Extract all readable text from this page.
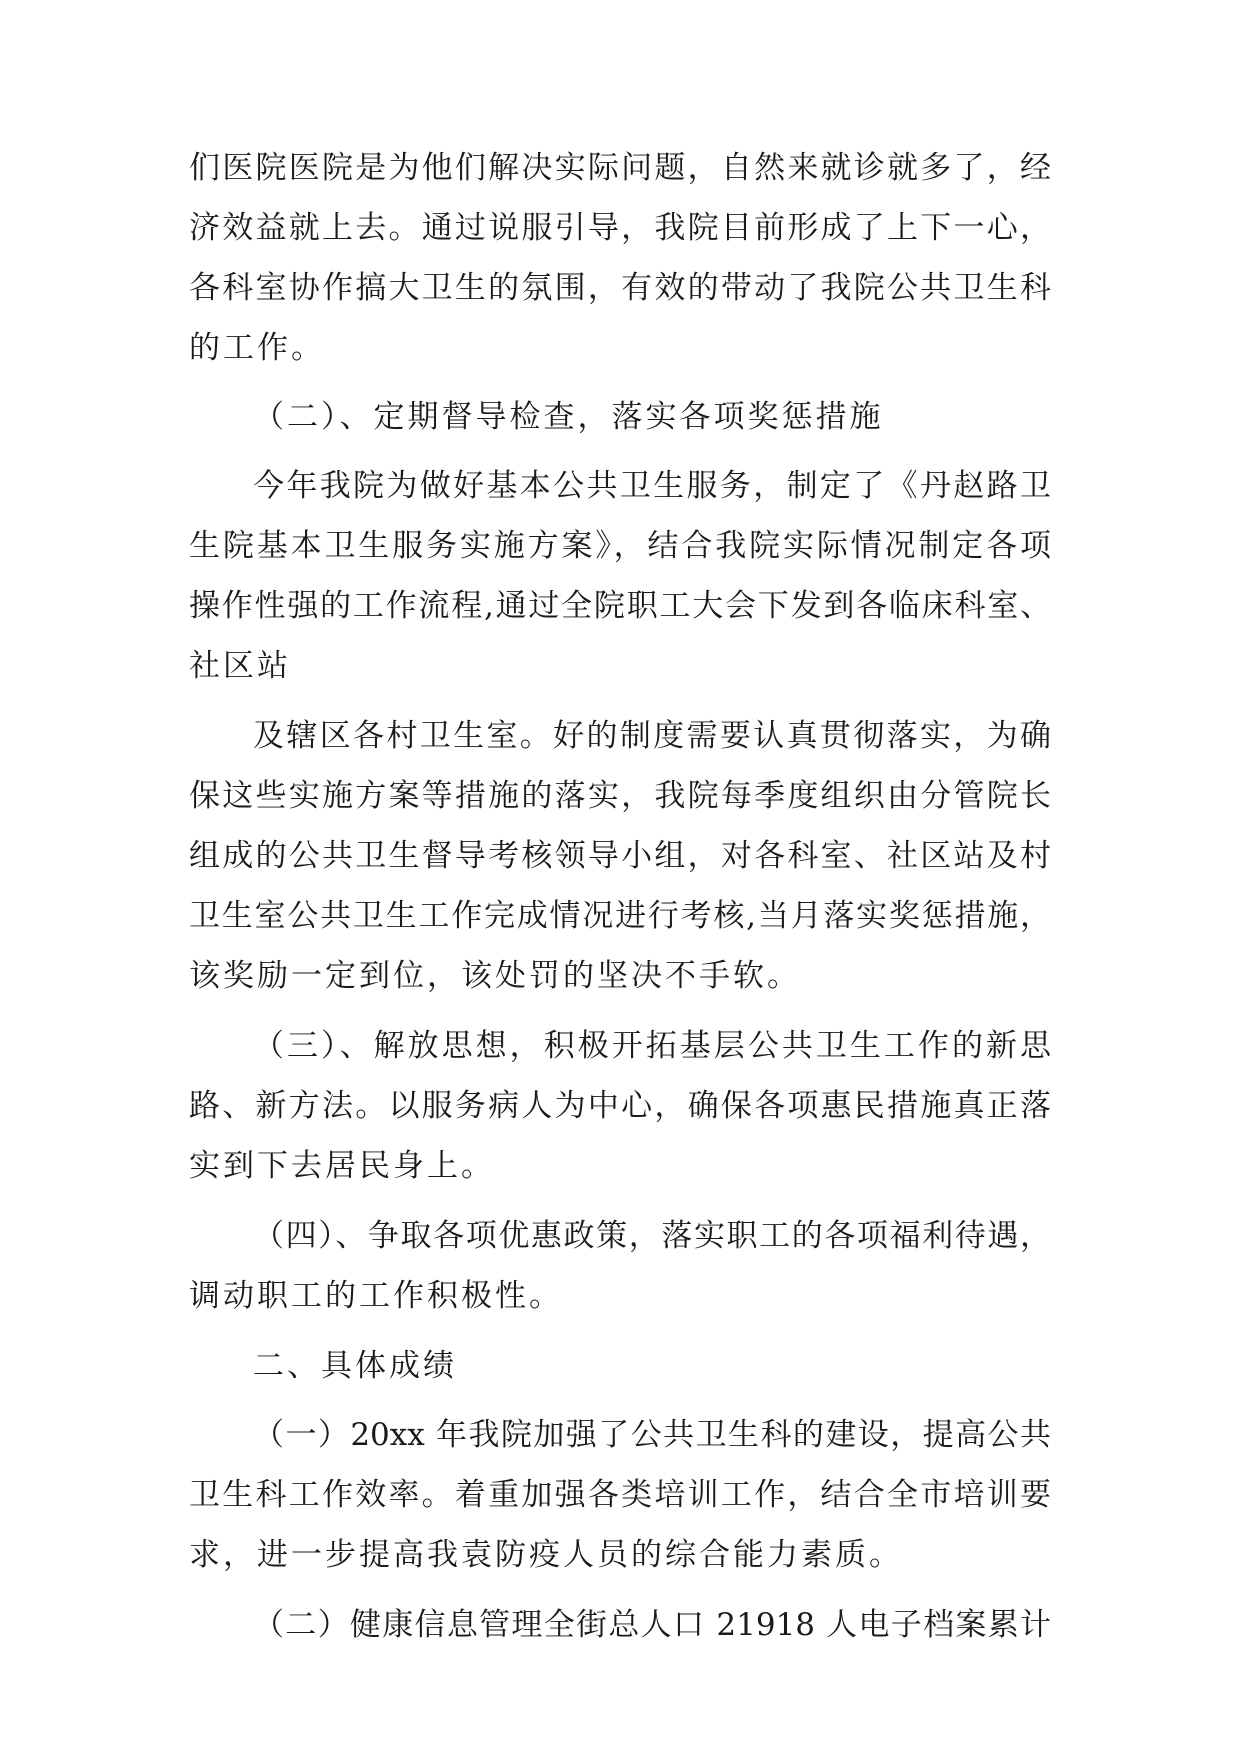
们医院医院是为他们解决实际问题，自然来就诊就多了，经
济效益就上去。通过说服引导，我院目前形成了上下一心，
各科室协作搞大卫生的氛围，有效的带动了我院公共卫生科
的工作。
（二）、定期督导检查，落实各项奖惩措施
今年我院为做好基本公共卫生服务，制定了《丹赵路卫
生院基本卫生服务实施方案》，结合我院实际情况制定各项
操作性强的工作流程,通过全院职工大会下发到各临床科室、
社区站
及辖区各村卫生室。好的制度需要认真贯彻落实，为确
保这些实施方案等措施的落实，我院每季度组织由分管院长
组成的公共卫生督导考核领导小组，对各科室、社区站及村
卫生室公共卫生工作完成情况进行考核,当月落实奖惩措施，
该奖励一定到位，该处罚的坚决不手软。
（三）、解放思想，积极开拓基层公共卫生工作的新思
路、新方法。以服务病人为中心，确保各项惠民措施真正落
实到下去居民身上。
（四）、争取各项优惠政策，落实职工的各项福利待遇，
调动职工的工作积极性。
二、具体成绩
（一）20xx 年我院加强了公共卫生科的建设，提高公共
卫生科工作效率。着重加强各类培训工作，结合全市培训要
求，进一步提高我袁防疫人员的综合能力素质。
（二）健康信息管理全街总人口 21918 人电子档案累计
